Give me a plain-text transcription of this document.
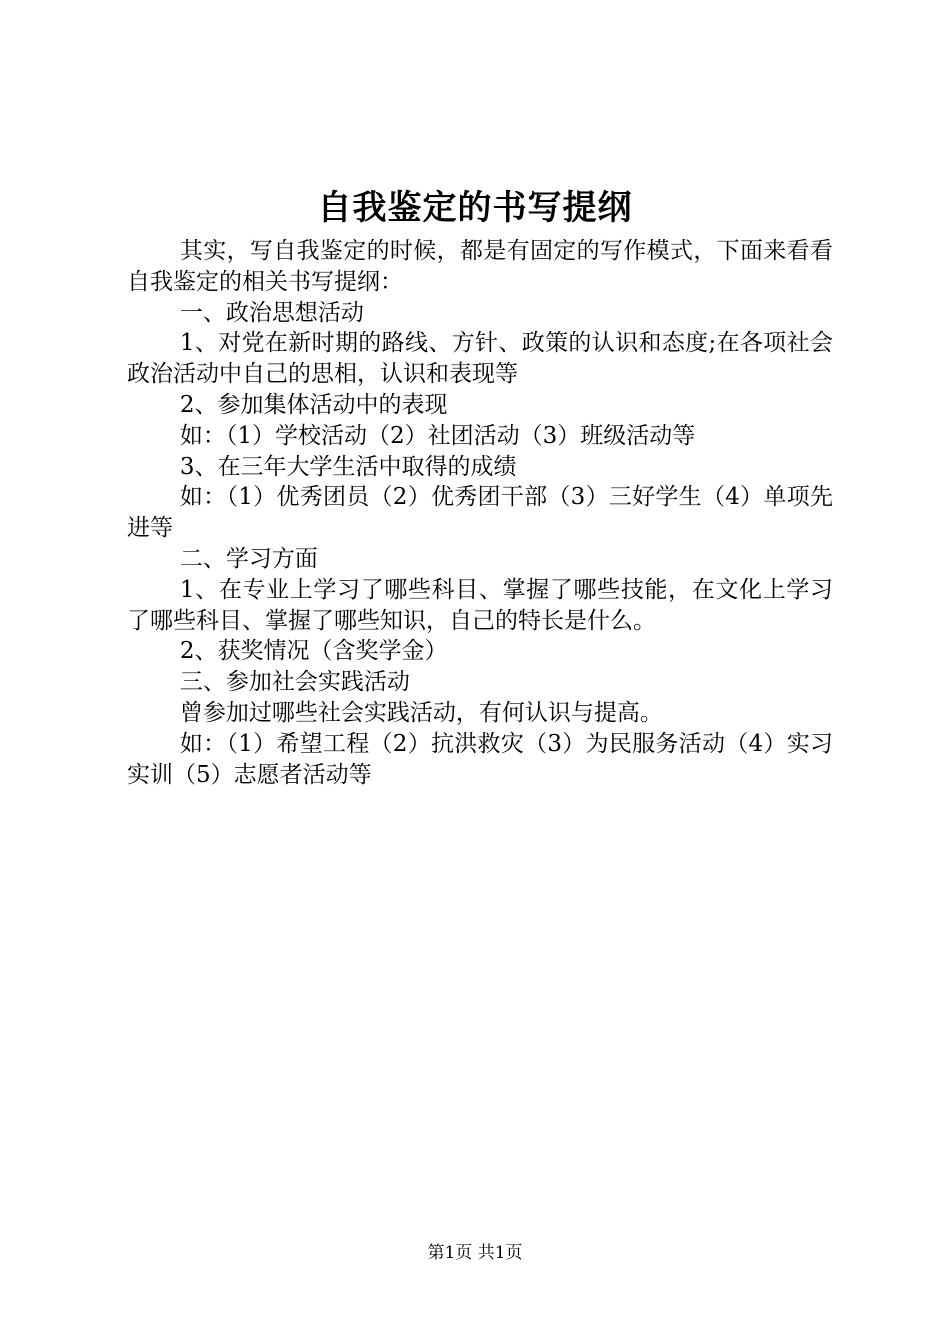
自我鉴定的书写提纲

其实，写自我鉴定的时候，都是有固定的写作模式，下面来看看自我鉴定的相关书写提纲：

一、政治思想活动

1、对党在新时期的路线、方针、政策的认识和态度;在各项社会政治活动中自己的思相，认识和表现等

2、参加集体活动中的表现

如：（1）学校活动（2）社团活动（3）班级活动等

3、在三年大学生活中取得的成绩

如：（1）优秀团员（2）优秀团干部（3）三好学生（4）单项先进等

二、学习方面

1、在专业上学习了哪些科目、掌握了哪些技能，在文化上学习了哪些科目、掌握了哪些知识，自己的特长是什么。

2、获奖情况（含奖学金）

三、参加社会实践活动

曾参加过哪些社会实践活动，有何认识与提高。

如：（1）希望工程（2）抗洪救灾（3）为民服务活动（4）实习实训（5）志愿者活动等

第1页 共1页
